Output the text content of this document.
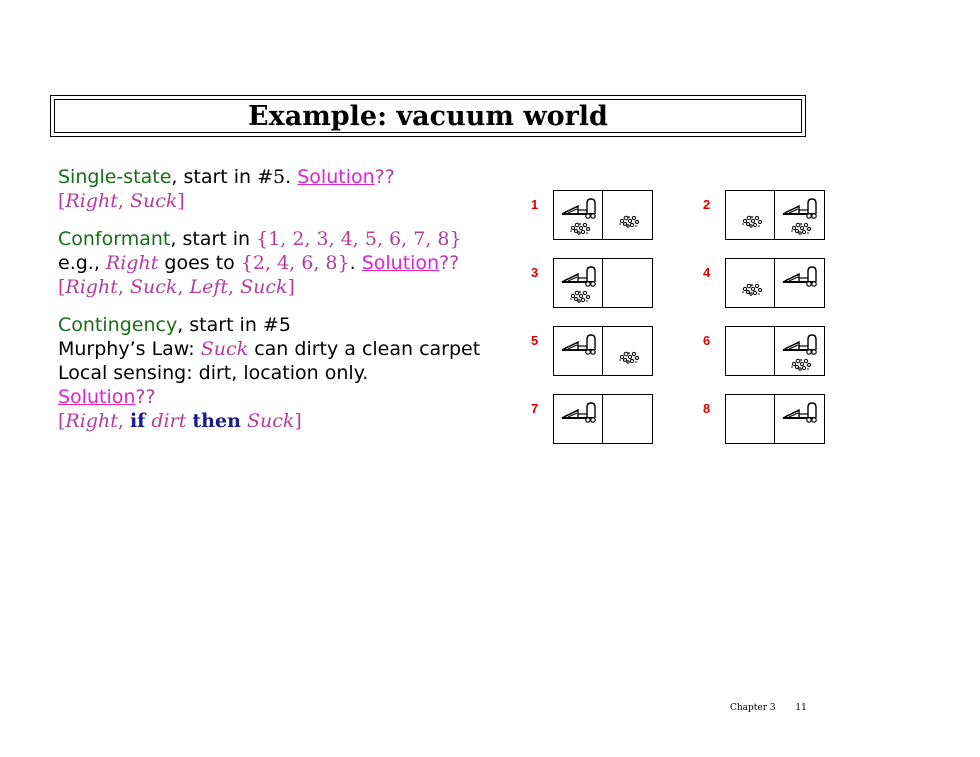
Example: vacuum world
Single-state, start in #5. Solution??
[Right, Suck]
Conformant, start in {1, 2, 3, 4, 5, 6, 7, 8}
e.g., Right goes to {2, 4, 6, 8}. Solution??
[Right, Suck, Left, Suck]
Contingency, start in #5
Murphy’s Law: Suck can dirty a clean carpet
Local sensing: dirt, location only.
Solution??
[Right, if dirt then Suck]
1	2
3	4
5	6
7	8
Chapter 3 11
